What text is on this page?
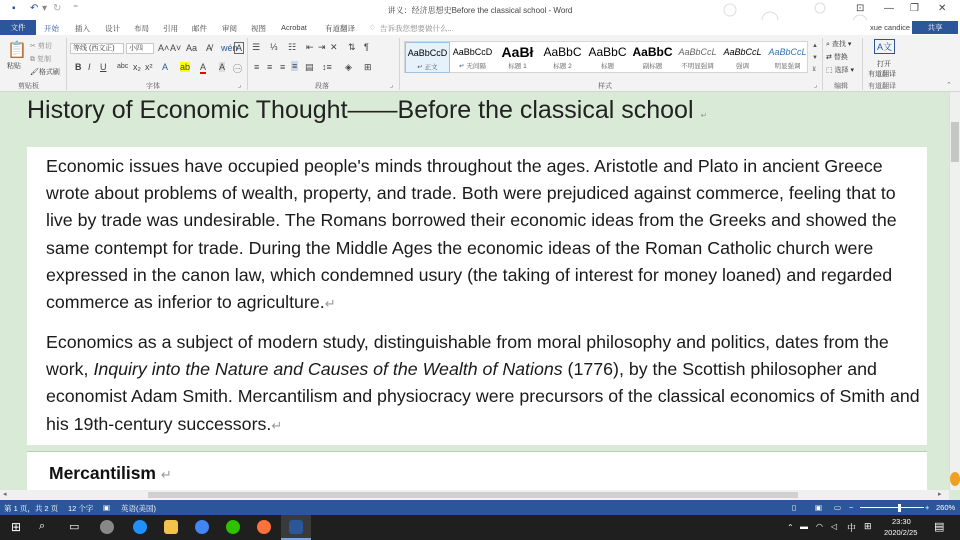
▪ ↶ ▾ ↻ ⁼	讲义：经济思想史Before the classical school - Word	⊡ — ❐ ✕
文件	开始 插入 设计 布局 引用 邮件 审阅 视图 Acrobat 有道翻译 ♢ 告诉我您想要做什么...	xue candice	共享
📋
粘贴
✂ 剪切
⧉ 复制
🖌格式刷
剪贴板
等线 (西文正)	小四	A˄ A˅ Aa A̸ wén
A
B I U abc x₂ x² A ab A A ㊀
字体	⌟
☰ ⅓ ☷ ⇤ ⇥ ✕ ⇅ ¶
≡ ≡ ≡ ≡ ▤ ↕≡ ◈ ⊞
段落	⌟	样式
▲
▼
⊻
⌟
⌕ 查找 ▾
⇄ 替换
⬚ 选择 ▾
编辑
A文
打开
有道翻译
有道翻译	⌃
AaBbCcD
↵ 正文
AaBbCcD
↵ 无间隔
AaBł
标题 1
AaBbC
标题 2
AaBbC
标题
AaBbC
副标题
AaBbCcL
不明显强调
AaBbCcL
强调
AaBbCcL
明显强调
History of Economic Thought——Before the classical school ↵
Economic issues have occupied people's minds throughout the ages. Aristotle and Plato in ancient Greece wrote about problems of wealth, property, and trade. Both were prejudiced against commerce, feeling that to live by trade was undesirable. The Romans borrowed their economic ideas from the Greeks and showed the same contempt for trade. During the Middle Ages the economic ideas of the Roman Catholic church were expressed in the canon law, which condemned usury (the taking of interest for money loaned) and regarded commerce as inferior to agriculture.↵
Economics as a subject of modern study, distinguishable from moral philosophy and politics, dates from the work, Inquiry into the Nature and Causes of the Wealth of Nations (1776), by the Scottish philosopher and economist Adam Smith. Mercantilism and physiocracy were precursors of the classical economics of Smith and his 19th-century successors.↵
Mercantilism ↵
◂	▸
第 1 页，共 2 页 12 个字 ▣ 英语(美国)	▯	▣ ▭ −	+ 260%
⊞ ⌕ ▭	⌃ ▬ ◠ ◁ 中 ⊞	23:30
2020/2/25 ▤
